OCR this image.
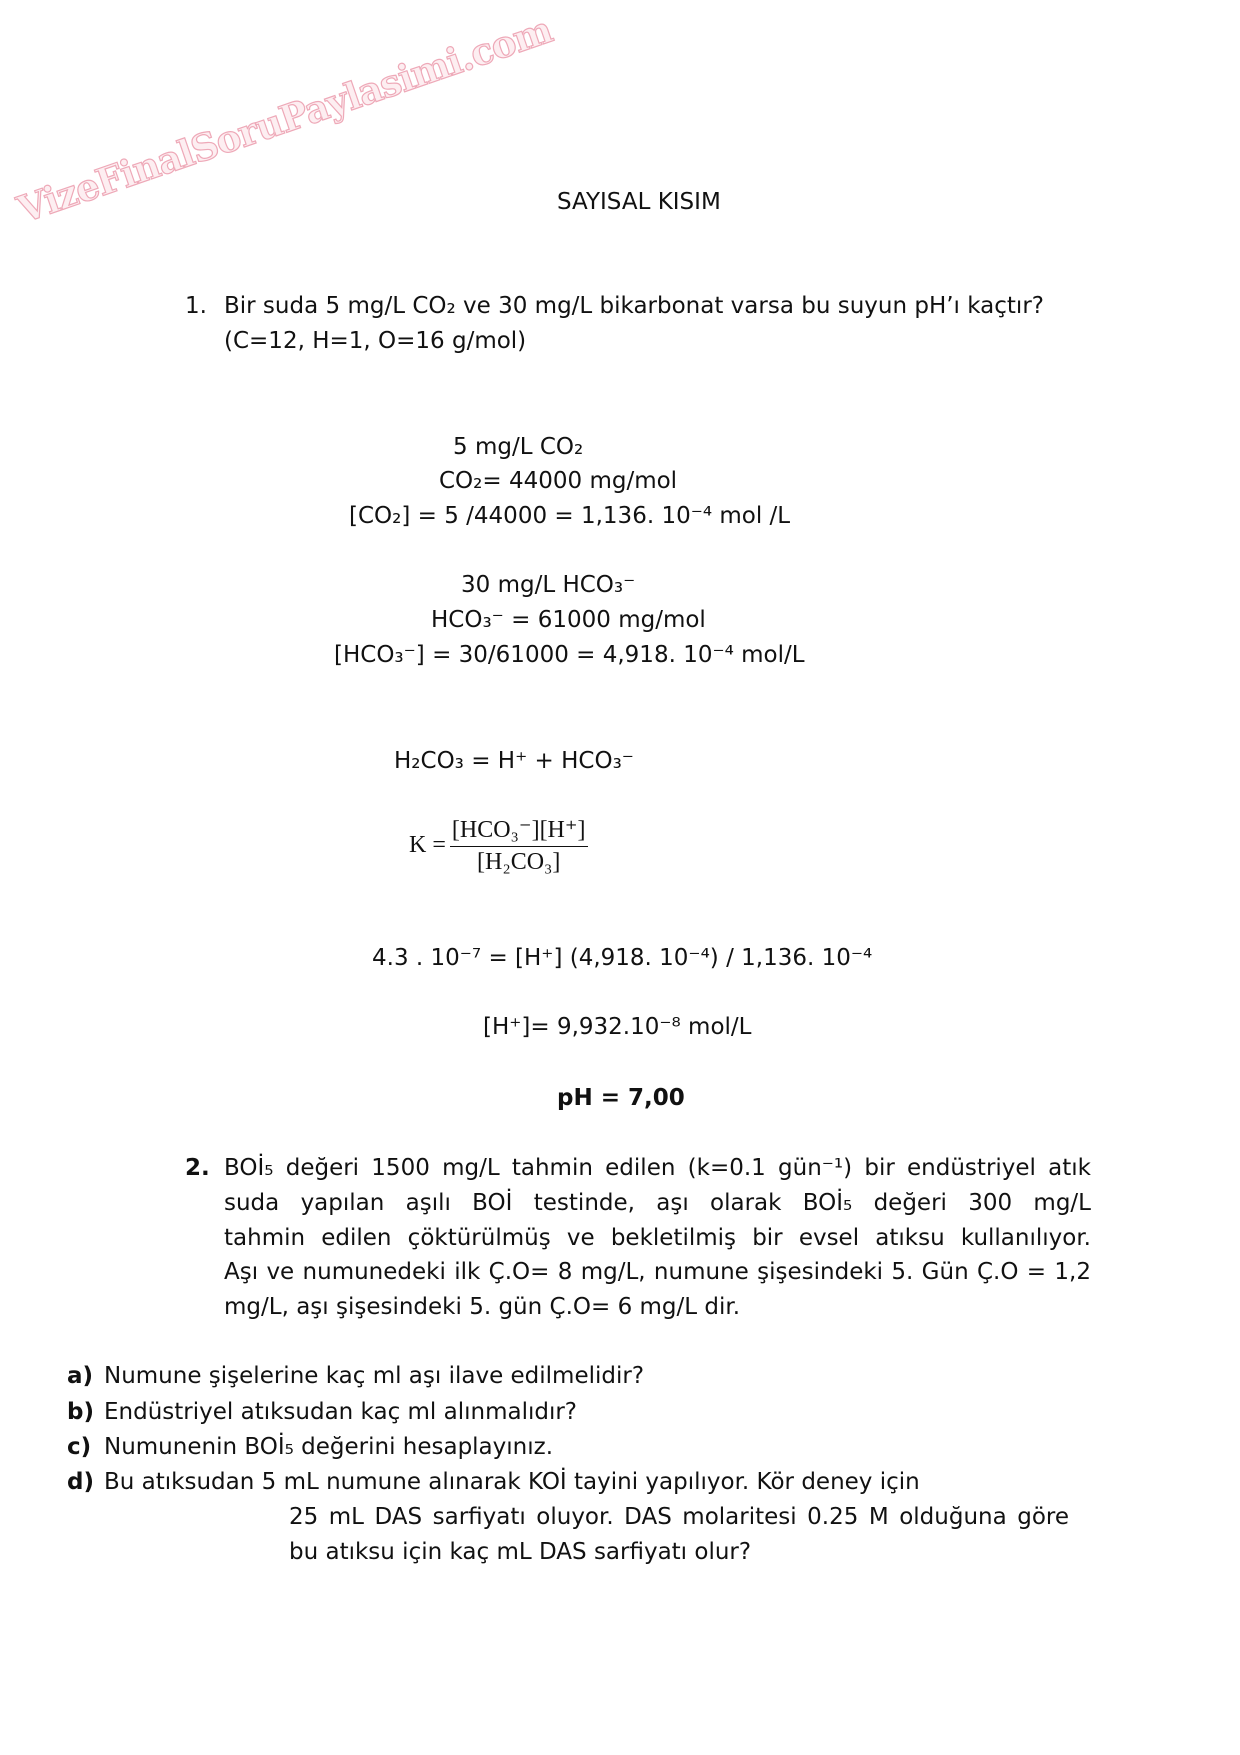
VizeFinalSoruPaylasimi.com SAYISAL KISIM
1. Bir suda 5 mg/L CO₂ ve 30 mg/L bikarbonat varsa bu suyun pH’ı kaçtır?
(C=12, H=1, O=16 g/mol)
5 mg/L CO₂
CO₂= 44000 mg/mol
[CO₂] = 5 /44000 = 1,136. 10⁻⁴ mol /L
30 mg/L HCO₃⁻
HCO₃⁻ = 61000 mg/mol
[HCO₃⁻] = 30/61000 = 4,918. 10⁻⁴ mol/L
H₂CO₃ = H⁺ + HCO₃⁻
$K = \frac{\text{[HCO₃⁻][H⁺]}}{\text{[H₂CO₃]}}$
4.3 . 10⁻⁷ = [H⁺] (4,918. 10⁻⁴) / 1,136. 10⁻⁴
[H⁺]= 9,932.10⁻⁸ mol/L
pH = 7,00
2. BOİ₅ değeri 1500 mg/L tahmin edilen (k=0.1 gün⁻¹) bir endüstriyel atık
suda yapılan aşılı BOİ testinde, aşı olarak BOİ₅ değeri 300 mg/L
tahmin edilen çöktürülmüş ve bekletilmiş bir evsel atıksu kullanılıyor.
Aşı ve numunedeki ilk Ç.O= 8 mg/L, numune şişesindeki 5. Gün Ç.O = 1,2
mg/L, aşı şişesindeki 5. gün Ç.O= 6 mg/L dir.
a) Numune şişelerine kaç ml aşı ilave edilmelidir?
b) Endüstriyel atıksudan kaç ml alınmalıdır?
c) Numunenin BOİ₅ değerini hesaplayınız.
d) Bu atıksudan 5 mL numune alınarak KOİ tayini yapılıyor. Kör deney için
25 mL DAS sarfiyatı oluyor. DAS molaritesi 0.25 M olduğuna göre
bu atıksu için kaç mL DAS sarfiyatı olur?
